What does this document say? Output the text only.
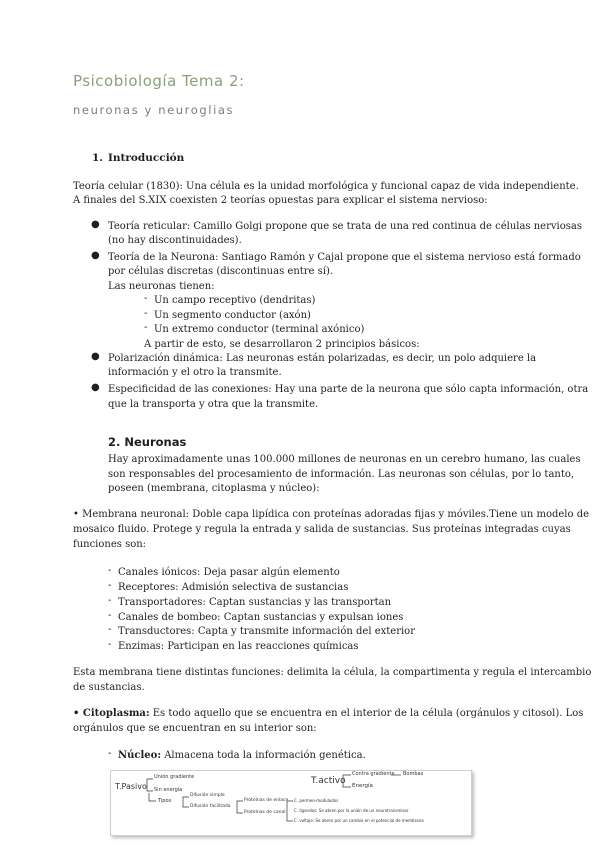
Psicobiología Tema 2:
neuronas y neuroglias
1. Introducción
Teoría celular (1830): Una célula es la unidad morfológica y funcional capaz de vida independiente.
A finales del S.XIX coexisten 2 teorías opuestas para explicar el sistema nervioso:
● Teoría reticular: Camillo Golgi propone que se trata de una red continua de células nerviosas
(no hay discontinuidades).
● Teoría de la Neurona: Santiago Ramón y Cajal propone que el sistema nervioso está formado
por células discretas (discontinuas entre sí).
Las neuronas tienen:
- Un campo receptivo (dendritas)
- Un segmento conductor (axón)
- Un extremo conductor (terminal axónico)
A partir de esto, se desarrollaron 2 principios básicos:
● Polarización dinámica: Las neuronas están polarizadas, es decir, un polo adquiere la
información y el otro la transmite.
● Especificidad de las conexiones: Hay una parte de la neurona que sólo capta información, otra
que la transporta y otra que la transmite.
2. Neuronas
Hay aproximadamente unas 100.000 millones de neuronas en un cerebro humano, las cuales
son responsables del procesamiento de información. Las neuronas son células, por lo tanto,
poseen (membrana, citoplasma y núcleo):
• Membrana neuronal: Doble capa lipídica con proteínas adoradas fijas y móviles.Tiene un modelo de
mosaico fluido. Protege y regula la entrada y salida de sustancias. Sus proteínas integradas cuyas
funciones son:
- Canales iónicos: Deja pasar algún elemento
- Receptores: Admisión selectiva de sustancias
- Transportadores: Captan sustancias y las transportan
- Canales de bombeo: Captan sustancias y expulsan iones
- Transductores: Capta y transmite información del exterior
- Enzimas: Participan en las reacciones químicas
Esta membrana tiene distintas funciones: delimita la célula, la compartimenta y regula el intercambio
de sustancias.
• Citoplasma: Es todo aquello que se encuentra en el interior de la célula (orgánulos y citosol). Los
orgánulos que se encuentran en su interior son:
- Núcleo: Almacena toda la información genética.
T.Pasivo
Unión gradiente
Sin energía
Tipos
Difusión simple
Difusión facilitada
Proteínas de enlace
Proteínas de canal
T.activo
Contra gradiente Bombas
Energía
C. permeo-modulados
C. ligandos: Se abren por la unión de un neurotransmisor
C. voltaje: Se abren por un cambio en el potencial de membrana
